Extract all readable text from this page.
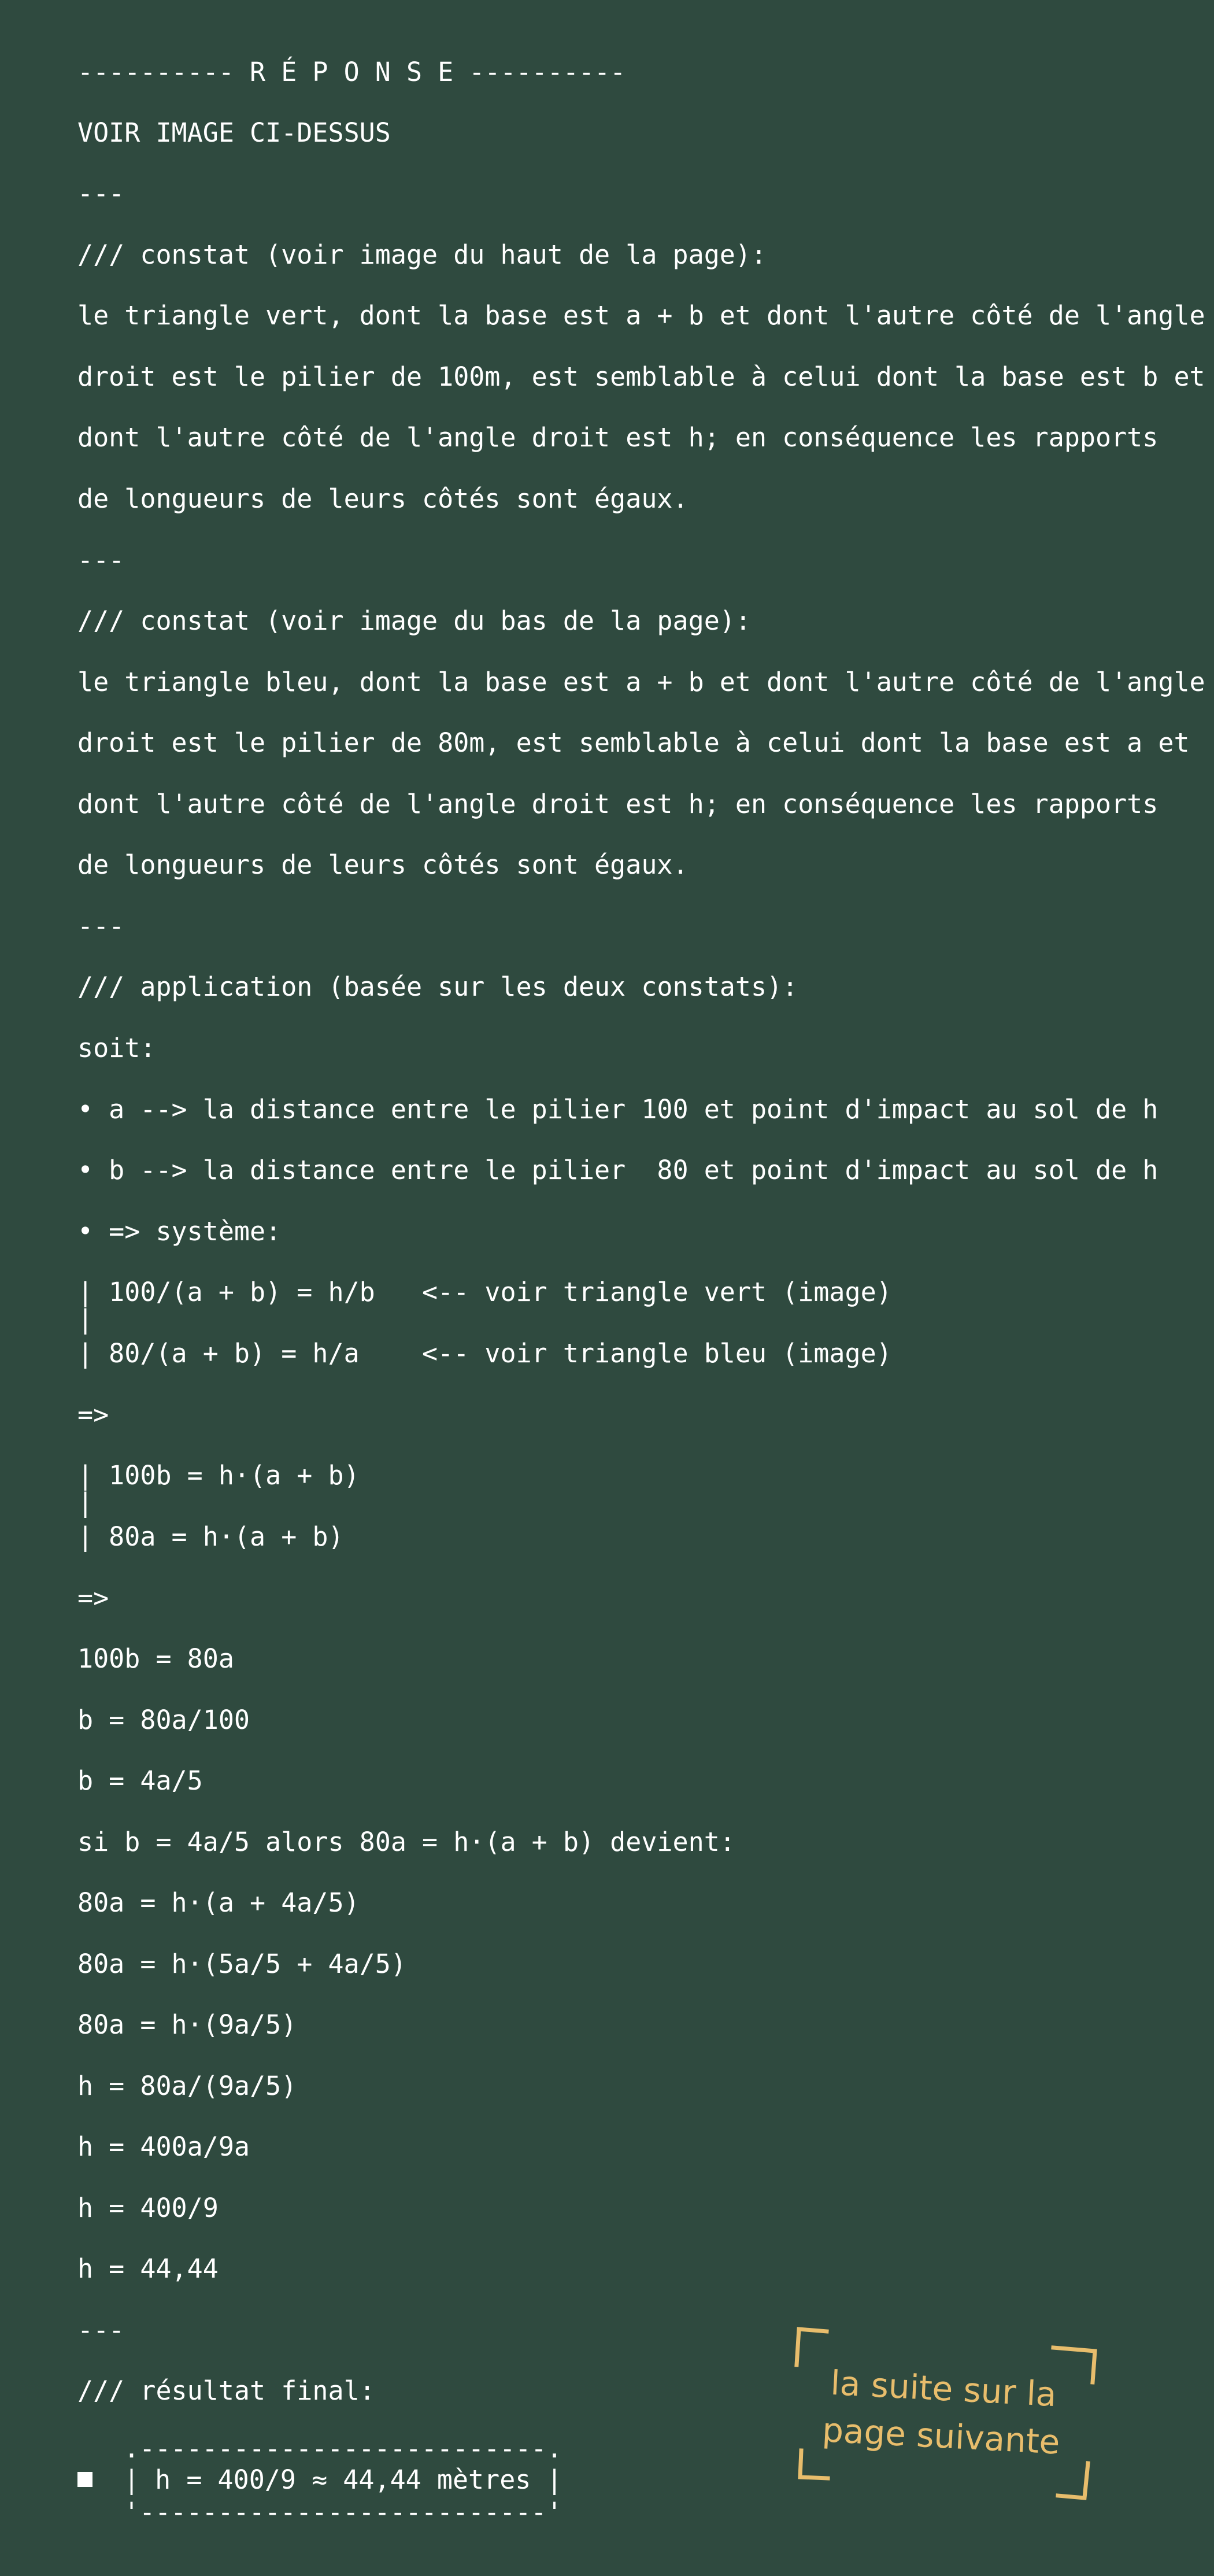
---------- R É P O N S E ----------
VOIR IMAGE CI-DESSUS
---
/// constat (voir image du haut de la page):
le triangle vert, dont la base est a + b et dont l'autre côté de l'angle
droit est le pilier de 100m, est semblable à celui dont la base est b et
dont l'autre côté de l'angle droit est h; en conséquence les rapports
de longueurs de leurs côtés sont égaux.
---
/// constat (voir image du bas de la page):
le triangle bleu, dont la base est a + b et dont l'autre côté de l'angle
droit est le pilier de 80m, est semblable à celui dont la base est a et
dont l'autre côté de l'angle droit est h; en conséquence les rapports
de longueurs de leurs côtés sont égaux.
---
/// application (basée sur les deux constats):
soit:
• a --> la distance entre le pilier 100 et point d'impact au sol de h
• b --> la distance entre le pilier  80 et point d'impact au sol de h
• => système:
| 100/(a + b) = h/b   <-- voir triangle vert (image)
|
| 80/(a + b) = h/a    <-- voir triangle bleu (image)
=>
| 100b = h·(a + b)
|
| 80a = h·(a + b)
=>
100b = 80a
b = 80a/100
b = 4a/5
si b = 4a/5 alors 80a = h·(a + b) devient:
80a = h·(a + 4a/5)
80a = h·(5a/5 + 4a/5)
80a = h·(9a/5)
h = 80a/(9a/5)
h = 400a/9a
h = 400/9
h = 44,44
---
/// résultat final:
.--------------------------.
| h = 400/9 ≈ 44,44 mètres |
'--------------------------'
la suite sur la
page suivante
